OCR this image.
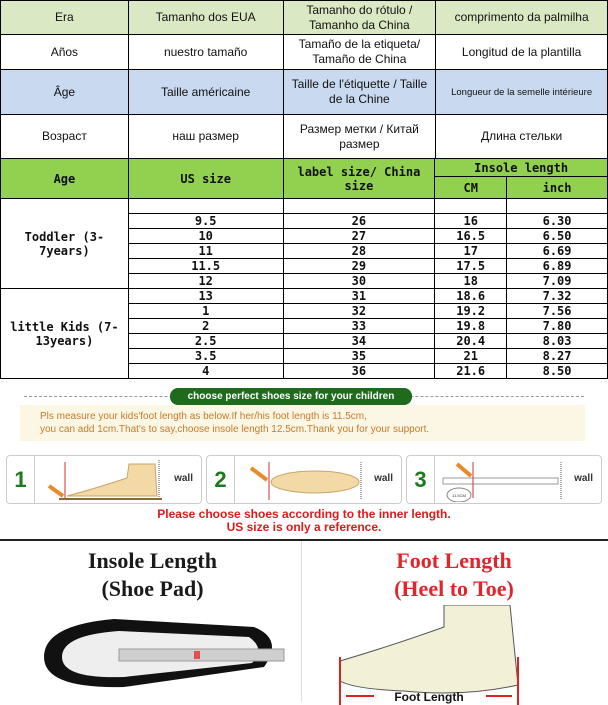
Era	Tamanho dos EUA	Tamanho do rótulo / Tamanho da China	comprimento da palmilha
Años	nuestro tamaño	Tamaño de la etiqueta/ Tamaño de China	Longitud de la plantilla
Âge	Taille américaine	Taille de l'étiquette / Taille de la Chine	Longueur de la semelle intérieure
Возраст	наш размер	Размер метки / Китай размер	Длина стельки
Age	US size	label size/ China size	Insole length	
			CM	inch
Toddler (3-7years)				
	9.5	26	16	6.30
	10	27	16.5	6.50
	11	28	17	6.69
	11.5	29	17.5	6.89
	12	30	18	7.09
little Kids (7-13years)	13	31	18.6	7.32
	1	32	19.2	7.56
	2	33	19.8	7.80
	2.5	34	20.4	8.03
	3.5	35	21	8.27
	4	36	21.6	8.50
Pls measure your kids'foot length as below.If her/his foot length is 11.5cm,
you can add 1cm.That's to say,choose insole length 12.5cm.Thank you for your support.
choose perfect shoes size for your children
1	wall 2	wall 3
11.5CM
wall
Please choose shoes according to the inner length.
US size is only a reference.
Insole Length
(Shoe Pad)
Foot Length
(Heel to Toe)
Foot Length
